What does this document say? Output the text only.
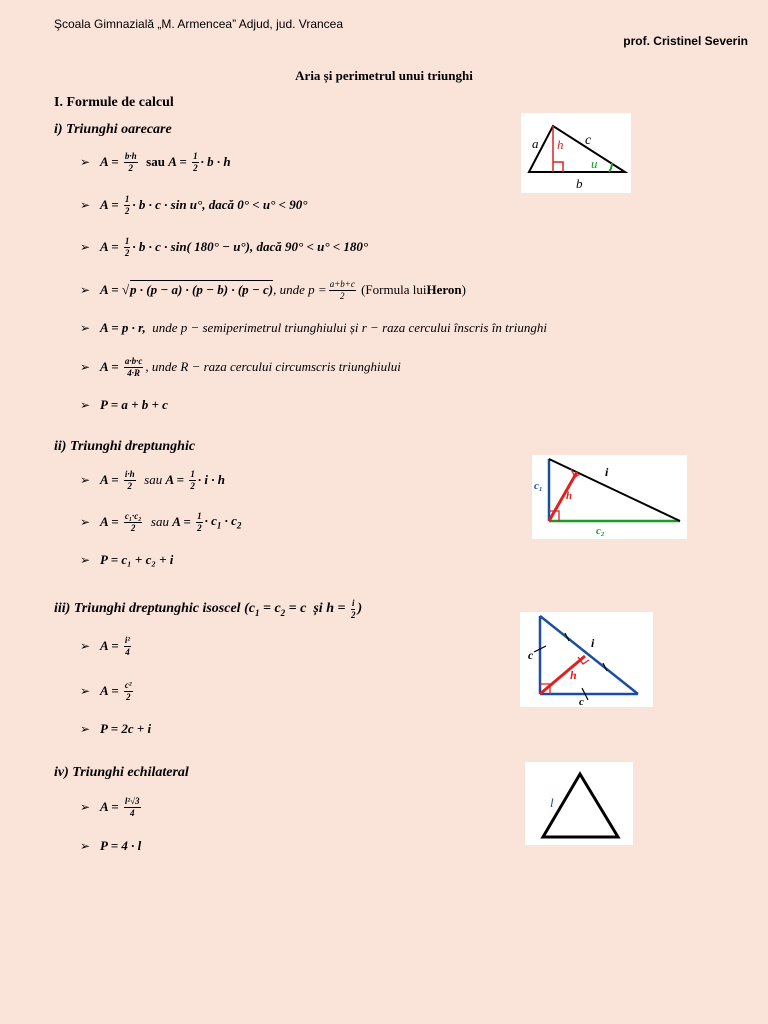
Şcoala Gimnazială „M. Armencea” Adjud, jud. Vrancea
prof. Cristinel Severin
Aria și perimetrul unui triunghi
I. Formule de calcul
i) Triunghi oarecare
➢ $A = \frac{b\cdot h}{2}$
sau
$A = \frac{1}{2} \cdot b \cdot h$
➢ $A = \frac{1}{2} \cdot b \cdot c \cdot \sin u^\circ$, dacă 0° < u° < 90°
➢ $A = \frac{1}{2} \cdot b \cdot c \cdot \sin$( 180° − u°), dacă 90° < u° < 180°
➢ A = √p · (p − a) · (p − b) · (p − c) , unde $p = \frac{a+b+c}{2}$
(Formula lui Heron )
➢ A = p · r, unde p − semiperimetrul triunghiului și r − raza cercului înscris în triunghi
➢ $A = \frac{a\cdot b\cdot c}{4\cdot R}$ , unde R − raza cercului circumscris triunghiului
➢ P = a + b + c
a h c
u
b
ii) Triunghi dreptunghic
➢ $A = \frac{i\cdot h}{2}$
sau
$A = \frac{1}{2} \cdot i \cdot h$
➢ $A = \frac{\text{c₁·c₂}}{2}$
sau
$A = \frac{1}{2} \cdot c_1 \cdot c_2$
➢ P = c₁ + c₂ + i
c₁
h
i
c₂
iii) Triunghi dreptunghic isoscel ($c_1 = c_2 = c$  și $h = \frac{i}{2}$ )
➢ $A = \frac{\text{i²}}{4}$
➢ $A = \frac{\text{c²}}{2}$
➢ P = 2c + i
c
i
h
c
iv) Triunghi echilateral
➢ $A = \frac{\text{l²√3}}{4}$
➢ P = 4 · l
l
